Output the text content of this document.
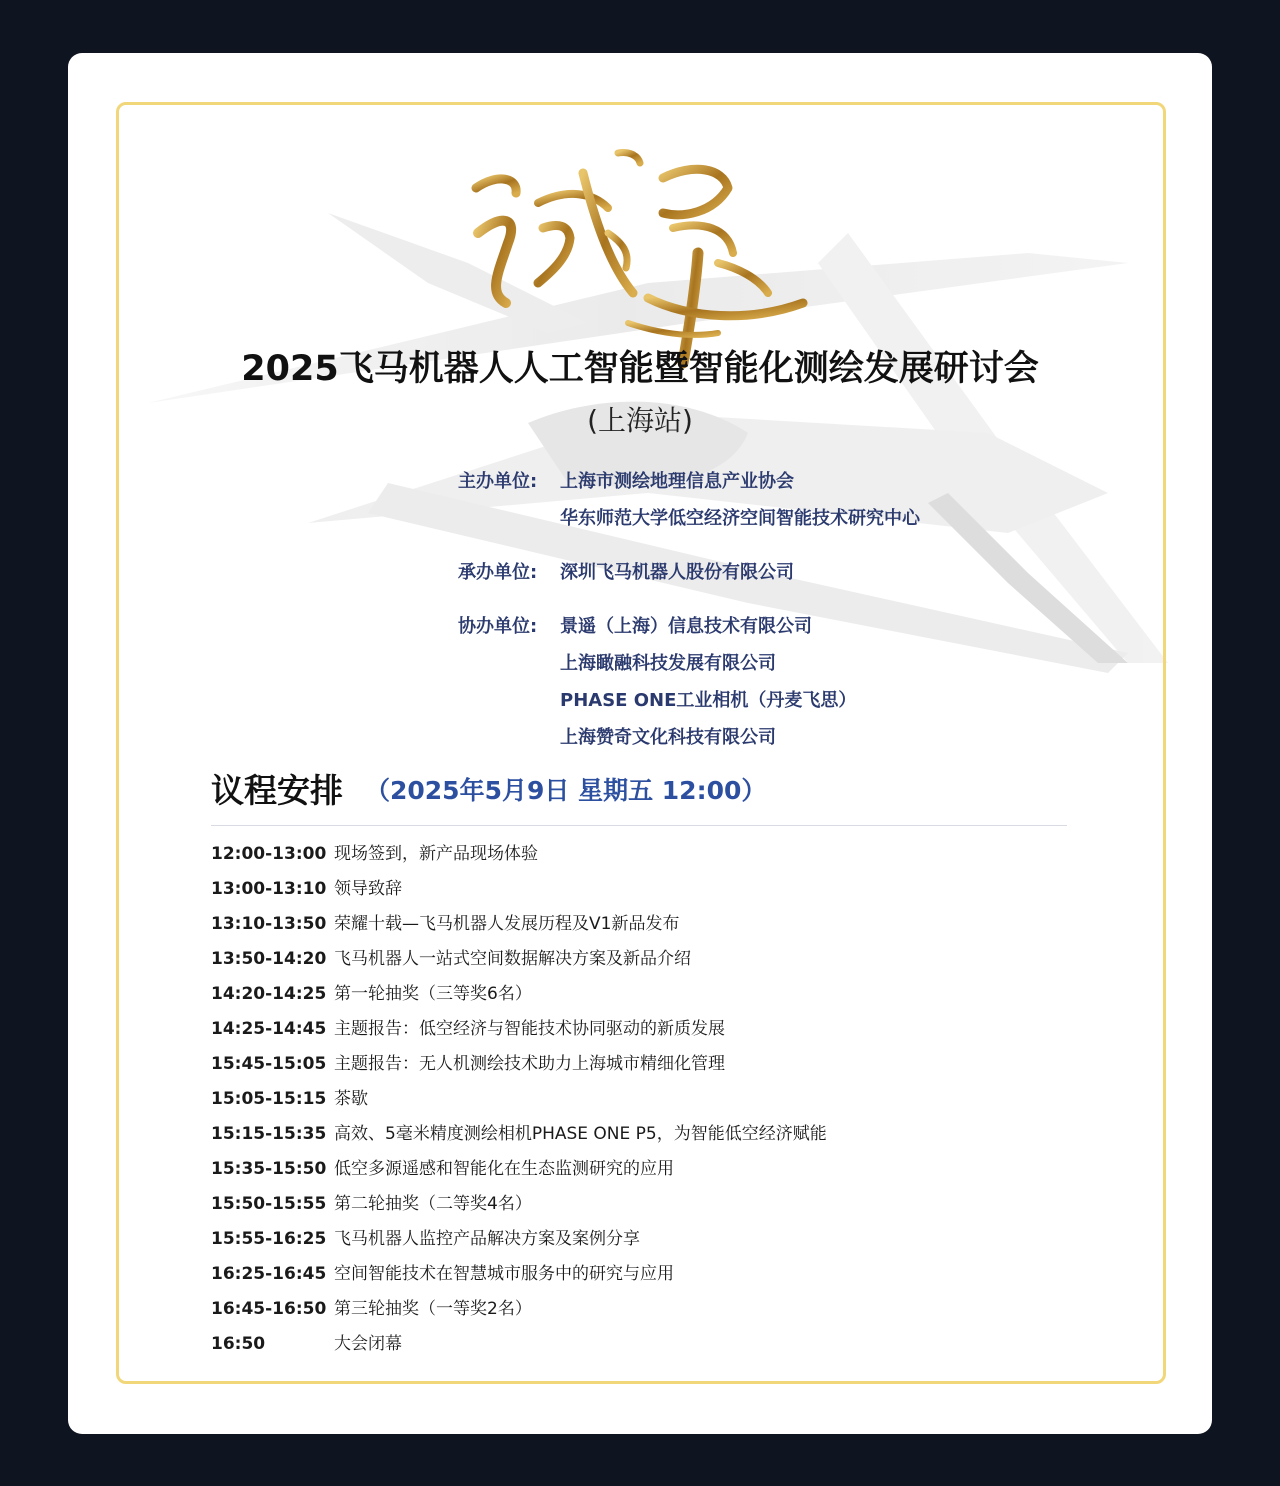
2025飞马机器人人工智能暨智能化测绘发展研讨会
(上海站)
主办单位: 上海市测绘地理信息产业协会
华东师范大学低空经济空间智能技术研究中心
承办单位: 深圳飞马机器人股份有限公司
协办单位: 景遥（上海）信息技术有限公司
上海瞰融科技发展有限公司
PHASE ONE工业相机（丹麦飞思）
上海赞奇文化科技有限公司
议程安排 （2025年5月9日 星期五 12:00）
12:00-13:00 现场签到，新产品现场体验
13:00-13:10 领导致辞
13:10-13:50 荣耀十载—飞马机器人发展历程及V1新品发布
13:50-14:20 飞马机器人一站式空间数据解决方案及新品介绍
14:20-14:25 第一轮抽奖（三等奖6名）
14:25-14:45 主题报告：低空经济与智能技术协同驱动的新质发展
15:45-15:05 主题报告：无人机测绘技术助力上海城市精细化管理
15:05-15:15 茶歇
15:15-15:35 高效、5毫米精度测绘相机PHASE ONE P5，为智能低空经济赋能
15:35-15:50 低空多源遥感和智能化在生态监测研究的应用
15:50-15:55 第二轮抽奖（二等奖4名）
15:55-16:25 飞马机器人监控产品解决方案及案例分享
16:25-16:45 空间智能技术在智慧城市服务中的研究与应用
16:45-16:50 第三轮抽奖（一等奖2名）
16:50	大会闭幕
